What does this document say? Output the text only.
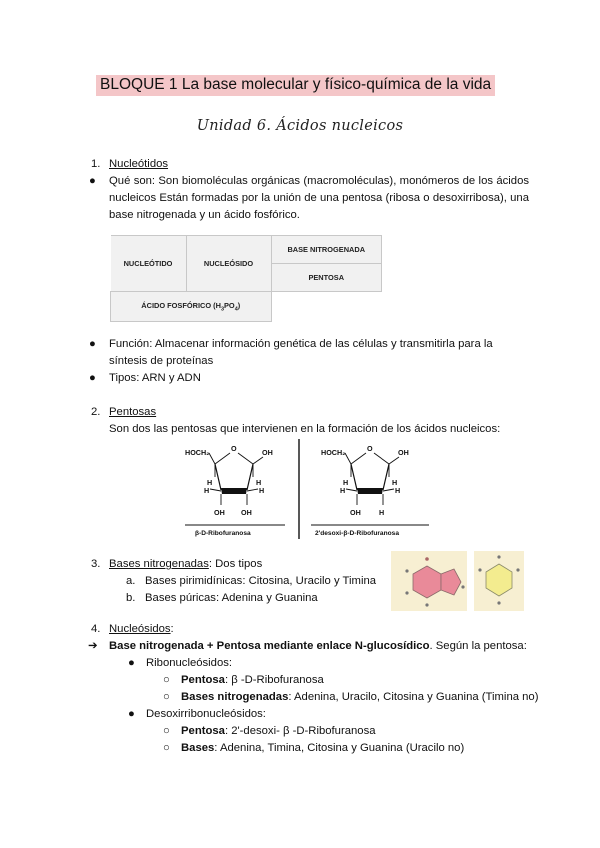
BLOQUE 1 La base molecular y físico-química de la vida
Unidad 6. Ácidos nucleicos
1. Nucleótidos
● Qué son: Son biomoléculas orgánicas (macromoléculas), monómeros de los ácidos nucleicos Están formadas por la unión de una pentosa (ribosa o desoxirribosa), una base nitrogenada y un ácido fosfórico.
NUCLEÓTIDO	NUCLEÓSIDO	BASE NITROGENADA
PENTOSA
ÁCIDO FOSFÓRICO $(H_3PO_4)$
● Función: Almacenar información genética de las células y transmitirla para la síntesis de proteínas
● Tipos: ARN y ADN
2. Pentosas
Son dos las pentosas que intervienen en la formación de los ácidos nucleicos:
HOCH₂	O	OH
H	H
H	H
OH OH
β-D-Ribofuranosa
HOCH₂	O	OH
H	H
H	H
OH	H
2'desoxi-β-D-Ribofuranosa
3. Bases nitrogenadas: Dos tipos
a. Bases pirimidínicas: Citosina, Uracilo y Timina
b. Bases púricas: Adenina y Guanina
4. Nucleósidos:
➔ Base nitrogenada + Pentosa mediante enlace N-glucosídico. Según la pentosa:
● Ribonucleósidos:
○ Pentosa: β -D-Ribofuranosa
○ Bases nitrogenadas: Adenina, Uracilo, Citosina y Guanina (Timina no)
● Desoxirribonucleósidos:
○ Pentosa: 2'-desoxi- β -D-Ribofuranosa
○ Bases: Adenina, Timina, Citosina y Guanina (Uracilo no)
